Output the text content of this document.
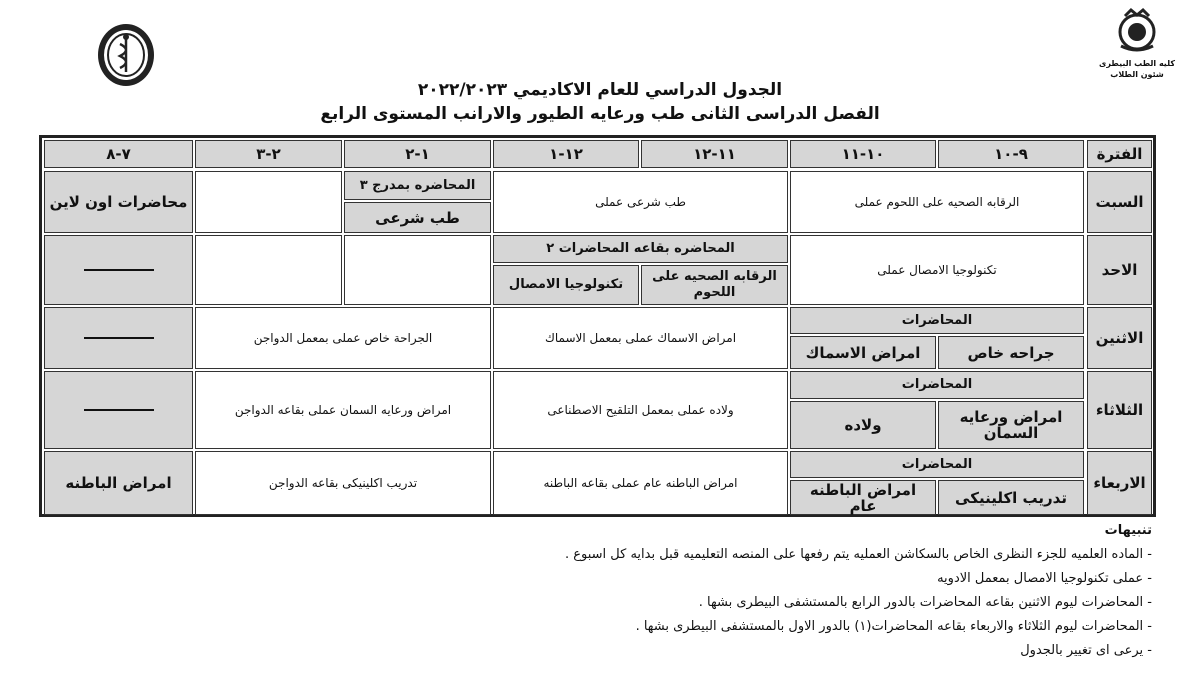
كليه الطب البيطرى
شئون الطلاب
الجدول الدراسي للعام الاكاديمي ٢٠٢٢/٢٠٢٣
الفصل الدراسى الثانى طب ورعايه الطيور والارانب المستوى الرابع
الفترة
٩-١٠
١٠-١١
١١-١٢
١٢-١
١-٢
٢-٣
٧-٨
السبت
الرقابه الصحيه على اللحوم عملى
طب شرعى عملى
المحاضره بمدرج ٣
طب شرعى
محاضرات اون لاين
الاحد
تكنولوجيا الامصال عملى
المحاضره بقاعه المحاضرات ٢
الرقابه الصحيه على اللحوم
تكنولوجيا الامصال
الاثنين
المحاضرات
جراحه خاص
امراض الاسماك
امراض الاسماك عملى بمعمل الاسماك
الجراحة خاص عملى بمعمل الدواجن
الثلاثاء
المحاضرات
امراض ورعايه السمان
ولاده
ولاده عملى بمعمل التلقيح الاصطناعى
امراض ورعايه السمان عملى بقاعه الدواجن
الاربعاء
المحاضرات
تدريب اكلينيكى
امراض الباطنه عام
امراض الباطنه عام عملى بقاعه الباطنه
تدريب اكلينيكى بقاعه الدواجن
امراض الباطنه
تنبيهات
- الماده العلميه للجزء النظرى الخاص بالسكاشن العمليه يتم رفعها على المنصه التعليميه قبل بدايه كل اسبوع .
- عملى تكنولوجيا الامصال بمعمل الادويه
- المحاضرات ليوم الاثنين بقاعه المحاضرات بالدور الرابع بالمستشفى البيطرى بشها .
- المحاضرات ليوم الثلاثاء والاربعاء بقاعه المحاضرات(١) بالدور الاول بالمستشفى البيطرى بشها .
- يرعى اى تغيير بالجدول
